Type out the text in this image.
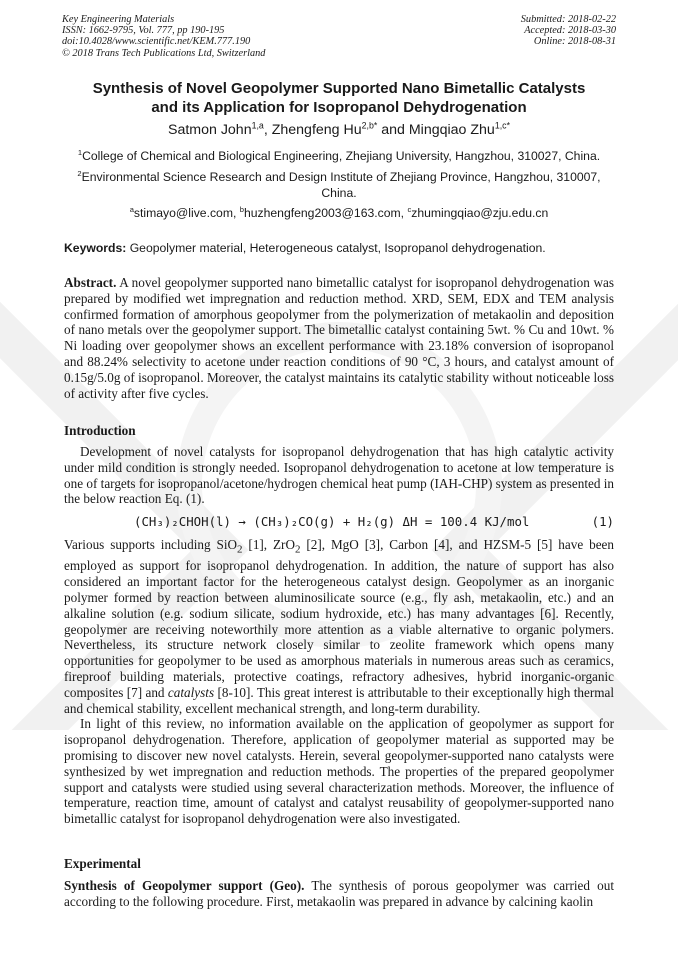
Key Engineering Materials
ISSN: 1662-9795, Vol. 777, pp 190-195
doi:10.4028/www.scientific.net/KEM.777.190
© 2018 Trans Tech Publications Ltd, Switzerland
Submitted: 2018-02-22
Accepted: 2018-03-30
Online: 2018-08-31
Synthesis of Novel Geopolymer Supported Nano Bimetallic Catalysts
and its Application for Isopropanol Dehydrogenation
Satmon John$^{1,a}$, Zhengfeng $Hu^{2,b*}$ and Mingqiao Zhu$^{1,c*}$
$^1$College of Chemical and Biological Engineering, Zhejiang University, Hangzhou, 310027, China.
$^2$Environmental Science Research and Design Institute of Zhejiang Province, Hangzhou, 310007, China.
$^a$stimayo@live.com, $^b$huzhengfeng2003@163.com, $^c$zhumingqiao@zju.edu.cn
Keywords: Geopolymer material, Heterogeneous catalyst, Isopropanol dehydrogenation.
Abstract. A novel geopolymer supported nano bimetallic catalyst for isopropanol dehydrogenation was prepared by modified wet impregnation and reduction method. XRD, SEM, EDX and TEM analysis confirmed formation of amorphous geopolymer from the polymerization of metakaolin and deposition of nano metals over the geopolymer support. The bimetallic catalyst containing 5wt. % Cu and 10wt. % Ni loading over geopolymer shows an excellent performance with 23.18% conversion of isopropanol and 88.24% selectivity to acetone under reaction conditions of 90 °C, 3 hours, and catalyst amount of 0.15g/5.0g of isopropanol. Moreover, the catalyst maintains its catalytic stability without noticeable loss of activity after five cycles.
Introduction

Development of novel catalysts for isopropanol dehydrogenation that has high catalytic activity under mild condition is strongly needed. Isopropanol dehydrogenation to acetone at low temperature is one of targets for isopropanol/acetone/hydrogen chemical heat pump (IAH-CHP) system as presented in the below reaction Eq. (1).

(CH₃)₂CHOH(l) → (CH₃)₂CO(g) + H₂(g) ΔH = 100.4 KJ/mol	(1)

Various supports including SiO$_2$ [1], ZrO$_2$ [2], MgO [3], Carbon [4], and HZSM-5 [5] have been employed as support for isopropanol dehydrogenation. In addition, the nature of support has also considered an important factor for the heterogeneous catalyst design. Geopolymer as an inorganic polymer formed by reaction between aluminosilicate source (e.g., fly ash, metakaolin, etc.) and an alkaline solution (e.g. sodium silicate, sodium hydroxide, etc.) has many advantages [6]. Recently, geopolymer are receiving noteworthily more attention as a viable alternative to organic polymers. Nevertheless, its structure network closely similar to zeolite framework which opens many opportunities for geopolymer to be used as amorphous materials in numerous areas such as ceramics, fireproof building materials, protective coatings, refractory adhesives, hybrid inorganic-organic composites [7] and catalysts [8-10]. This great interest is attributable to their exceptionally high thermal and chemical stability, excellent mechanical strength, and long-term durability.

In light of this review, no information available on the application of geopolymer as support for isopropanol dehydrogenation. Therefore, application of geopolymer material as supported may be promising to discover new novel catalysts. Herein, several geopolymer-supported nano catalysts were synthesized by wet impregnation and reduction methods. The properties of the prepared geopolymer support and catalysts were studied using several characterization methods. Moreover, the influence of temperature, reaction time, amount of catalyst and catalyst reusability of geopolymer-supported nano bimetallic catalyst for isopropanol dehydrogenation were also investigated.

Experimental

Synthesis of Geopolymer support (Geo). The synthesis of porous geopolymer was carried out according to the following procedure. First, metakaolin was prepared in advance by calcining kaolin
